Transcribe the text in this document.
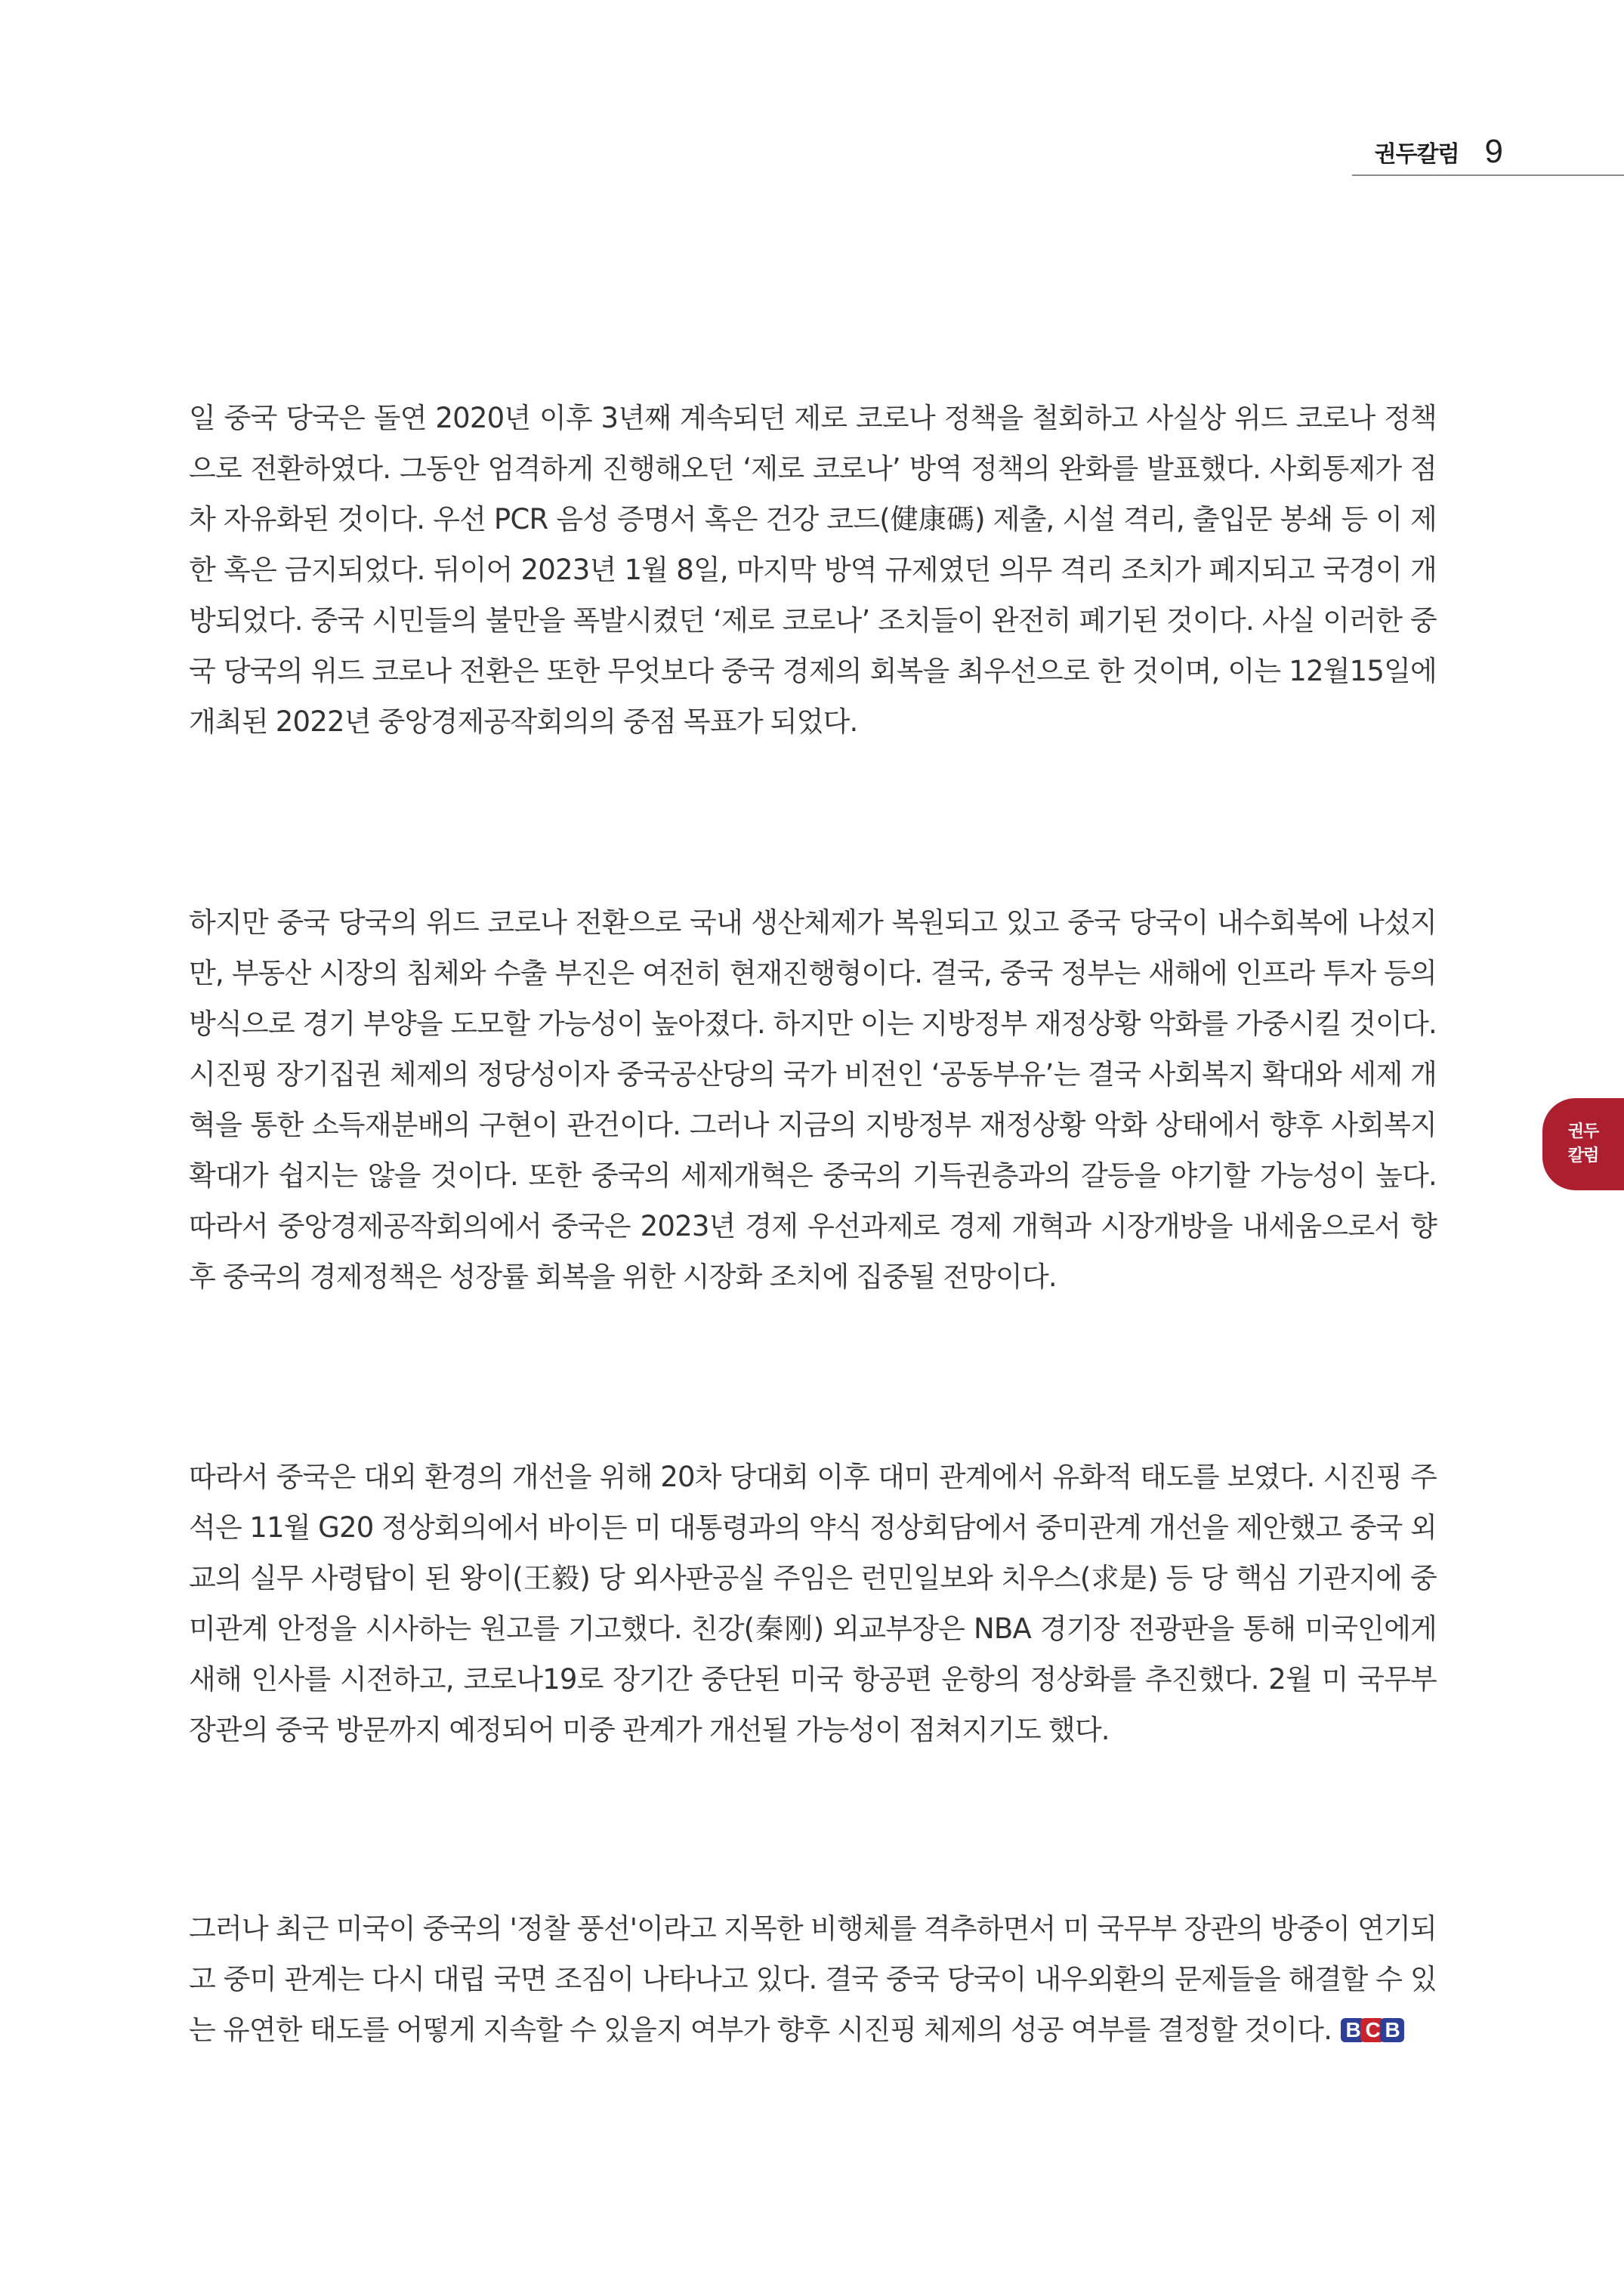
권두칼럼 9
권두 칼럼

일 중국 당국은 돌연 2020년 이후 3년째 계속되던 제로 코로나 정책을 철회하고 사실상 위드 코로나 정책으로 전환하였다. 그동안 엄격하게 진행해오던 ‘제로 코로나’ 방역 정책의 완화를 발표했다. 사회통제가 점차 자유화된 것이다. 우선 PCR 음성 증명서 혹은 건강 코드(健康碼) 제출, 시설 격리, 출입문 봉쇄 등 이 제한 혹은 금지되었다. 뒤이어 2023년 1월 8일, 마지막 방역 규제였던 의무 격리 조치가 폐지되고 국경이 개방되었다. 중국 시민들의 불만을 폭발시켰던 ‘제로 코로나’ 조치들이 완전히 폐기된 것이다. 사실 이러한 중국 당국의 위드 코로나 전환은 또한 무엇보다 중국 경제의 회복을 최우선으로 한 것이며, 이는 12월15일에 개최된 2022년 중앙경제공작회의의 중점 목표가 되었다.

하지만 중국 당국의 위드 코로나 전환으로 국내 생산체제가 복원되고 있고 중국 당국이 내수회복에 나섰지만, 부동산 시장의 침체와 수출 부진은 여전히 현재진행형이다. 결국, 중국 정부는 새해에 인프라 투자 등의 방식으로 경기 부양을 도모할 가능성이 높아졌다. 하지만 이는 지방정부 재정상황 악화를 가중시킬 것이다. 시진핑 장기집권 체제의 정당성이자 중국공산당의 국가 비전인 ‘공동부유’는 결국 사회복지 확대와 세제 개혁을 통한 소득재분배의 구현이 관건이다. 그러나 지금의 지방정부 재정상황 악화 상태에서 향후 사회복지 확대가 쉽지는 않을 것이다. 또한 중국의 세제개혁은 중국의 기득권층과의 갈등을 야기할 가능성이 높다. 따라서 중앙경제공작회의에서 중국은 2023년 경제 우선과제로 경제 개혁과 시장개방을 내세움으로서 향후 중국의 경제정책은 성장률 회복을 위한 시장화 조치에 집중될 전망이다.

따라서 중국은 대외 환경의 개선을 위해 20차 당대회 이후 대미 관계에서 유화적 태도를 보였다. 시진핑 주석은 11월 G20 정상회의에서 바이든 미 대통령과의 약식 정상회담에서 중미관계 개선을 제안했고 중국 외교의 실무 사령탑이 된 왕이(王毅) 당 외사판공실 주임은 런민일보와 치우스(求是) 등 당 핵심 기관지에 중미관계 안정을 시사하는 원고를 기고했다. 친강(秦刚) 외교부장은 NBA 경기장 전광판을 통해 미국인에게 새해 인사를 시전하고, 코로나19로 장기간 중단된 미국 항공편 운항의 정상화를 추진했다. 2월 미 국무부 장관의 중국 방문까지 예정되어 미중 관계가 개선될 가능성이 점쳐지기도 했다.

그러나 최근 미국이 중국의 '정찰 풍선'이라고 지목한 비행체를 격추하면서 미 국무부 장관의 방중이 연기되고 중미 관계는 다시 대립 국면 조짐이 나타나고 있다. 결국 중국 당국이 내우외환의 문제들을 해결할 수 있는 유연한 태도를 어떻게 지속할 수 있을지 여부가 향후 시진핑 체제의 성공 여부를 결정할 것이다. B C B
